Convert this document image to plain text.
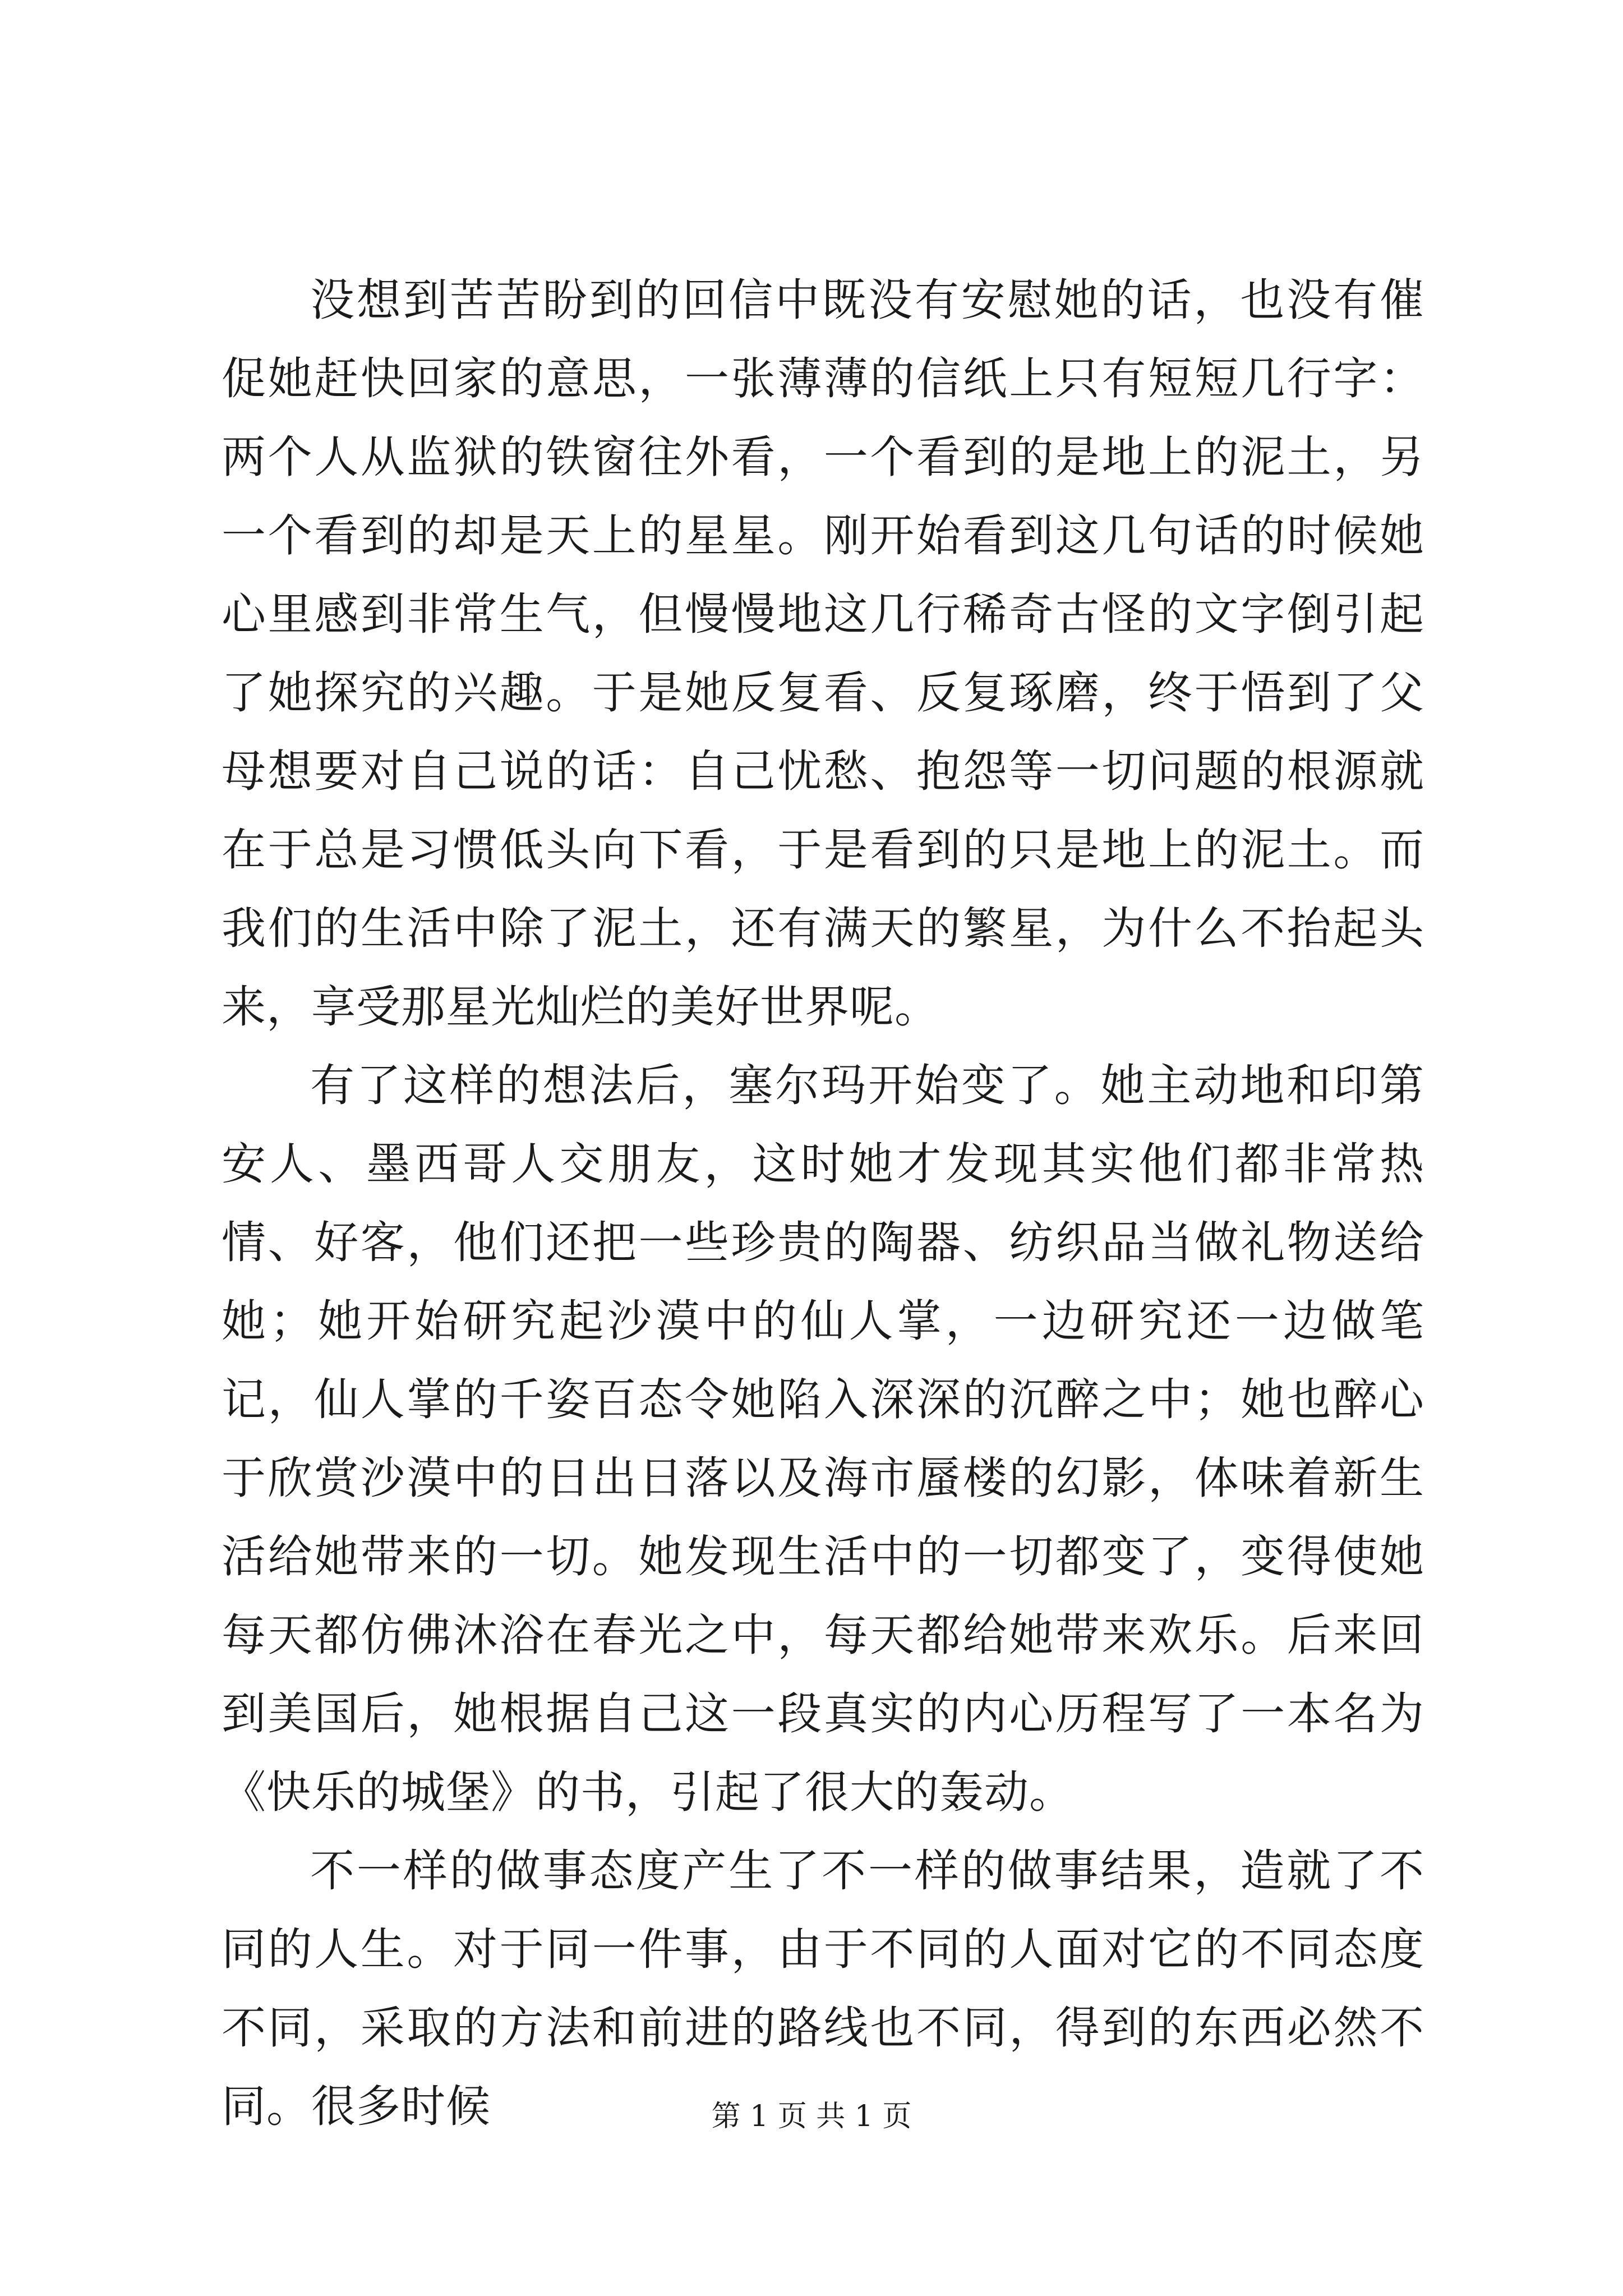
没想到苦苦盼到的回信中既没有安慰她的话，也没有催促她赶快回家的意思，一张薄薄的信纸上只有短短几行字：两个人从监狱的铁窗往外看，一个看到的是地上的泥土，另一个看到的却是天上的星星。刚开始看到这几句话的时候她心里感到非常生气，但慢慢地这几行稀奇古怪的文字倒引起了她探究的兴趣。于是她反复看、反复琢磨，终于悟到了父母想要对自己说的话：自己忧愁、抱怨等一切问题的根源就在于总是习惯低头向下看，于是看到的只是地上的泥土。而我们的生活中除了泥土，还有满天的繁星，为什么不抬起头来，享受那星光灿烂的美好世界呢。

有了这样的想法后，塞尔玛开始变了。她主动地和印第安人、墨西哥人交朋友，这时她才发现其实他们都非常热情、好客，他们还把一些珍贵的陶器、纺织品当做礼物送给她；她开始研究起沙漠中的仙人掌，一边研究还一边做笔记，仙人掌的千姿百态令她陷入深深的沉醉之中；她也醉心于欣赏沙漠中的日出日落以及海市蜃楼的幻影，体味着新生活给她带来的一切。她发现生活中的一切都变了，变得使她每天都仿佛沐浴在春光之中，每天都给她带来欢乐。后来回到美国后，她根据自己这一段真实的内心历程写了一本名为《快乐的城堡》的书，引起了很大的轰动。

不一样的做事态度产生了不一样的做事结果，造就了不同的人生。对于同一件事，由于不同的人面对它的不同态度不同，采取的方法和前进的路线也不同，得到的东西必然不同。很多时候	第 1 页 共 1 页
